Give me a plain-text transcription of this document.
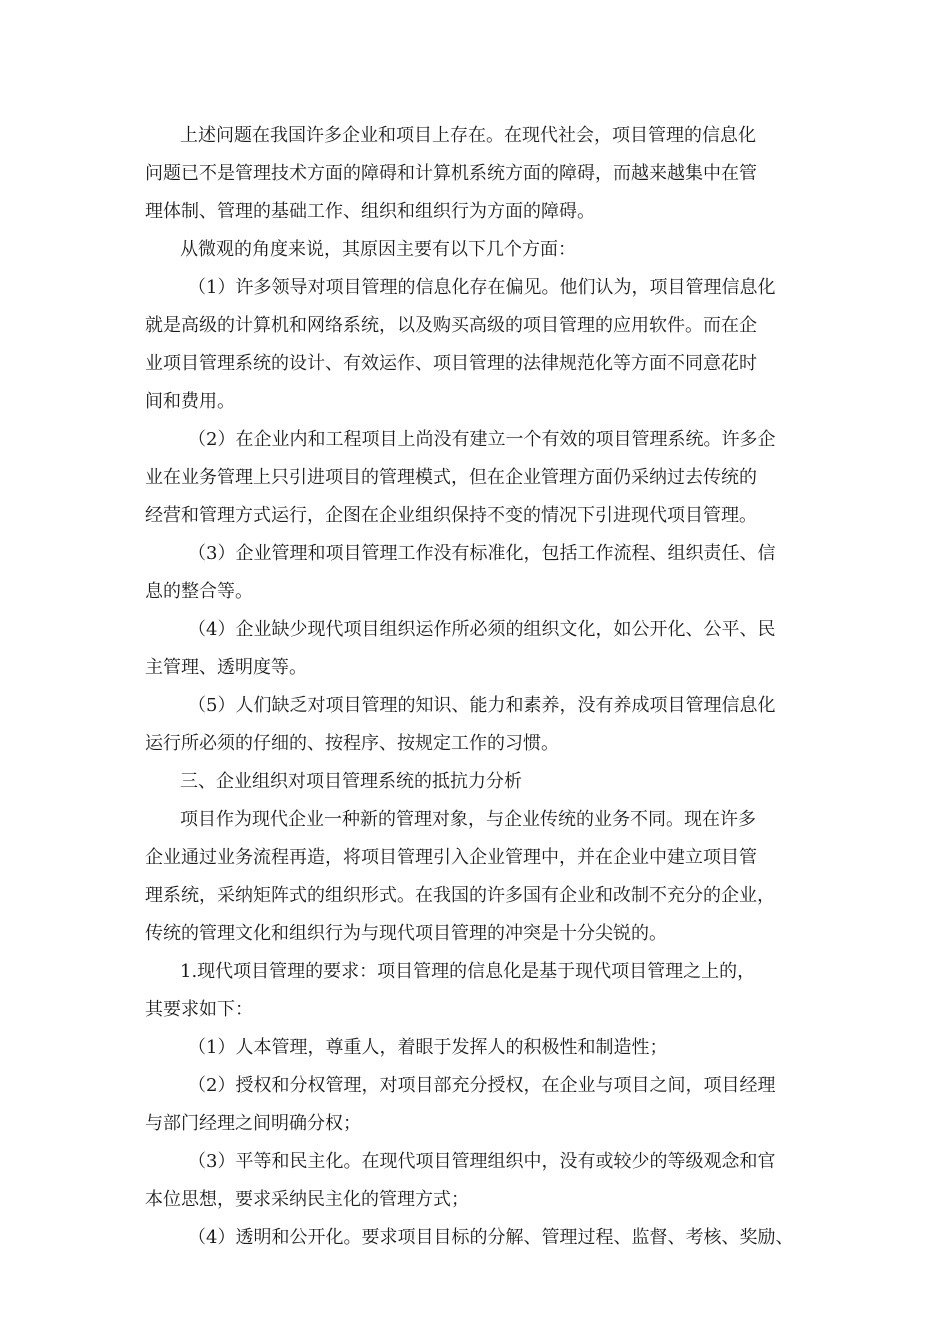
上述问题在我国许多企业和项目上存在。在现代社会，项目管理的信息化
问题已不是管理技术方面的障碍和计算机系统方面的障碍，而越来越集中在管
理体制、管理的基础工作、组织和组织行为方面的障碍。
从微观的角度来说，其原因主要有以下几个方面：
（1）许多领导对项目管理的信息化存在偏见。他们认为，项目管理信息化
就是高级的计算机和网络系统，以及购买高级的项目管理的应用软件。而在企
业项目管理系统的设计、有效运作、项目管理的法律规范化等方面不同意花时
间和费用。
（2）在企业内和工程项目上尚没有建立一个有效的项目管理系统。许多企
业在业务管理上只引进项目的管理模式，但在企业管理方面仍采纳过去传统的
经营和管理方式运行，企图在企业组织保持不变的情况下引进现代项目管理。
（3）企业管理和项目管理工作没有标准化，包括工作流程、组织责任、信
息的整合等。
（4）企业缺少现代项目组织运作所必须的组织文化，如公开化、公平、民
主管理、透明度等。
（5）人们缺乏对项目管理的知识、能力和素养，没有养成项目管理信息化
运行所必须的仔细的、按程序、按规定工作的习惯。
三、企业组织对项目管理系统的抵抗力分析
项目作为现代企业一种新的管理对象，与企业传统的业务不同。现在许多
企业通过业务流程再造，将项目管理引入企业管理中，并在企业中建立项目管
理系统，采纳矩阵式的组织形式。在我国的许多国有企业和改制不充分的企业，
传统的管理文化和组织行为与现代项目管理的冲突是十分尖锐的。
1.现代项目管理的要求：项目管理的信息化是基于现代项目管理之上的，
其要求如下：
（1）人本管理，尊重人，着眼于发挥人的积极性和制造性；
（2）授权和分权管理，对项目部充分授权，在企业与项目之间，项目经理
与部门经理之间明确分权；
（3）平等和民主化。在现代项目管理组织中，没有或较少的等级观念和官
本位思想，要求采纳民主化的管理方式；
（4）透明和公开化。要求项目目标的分解、管理过程、监督、考核、奖励、
